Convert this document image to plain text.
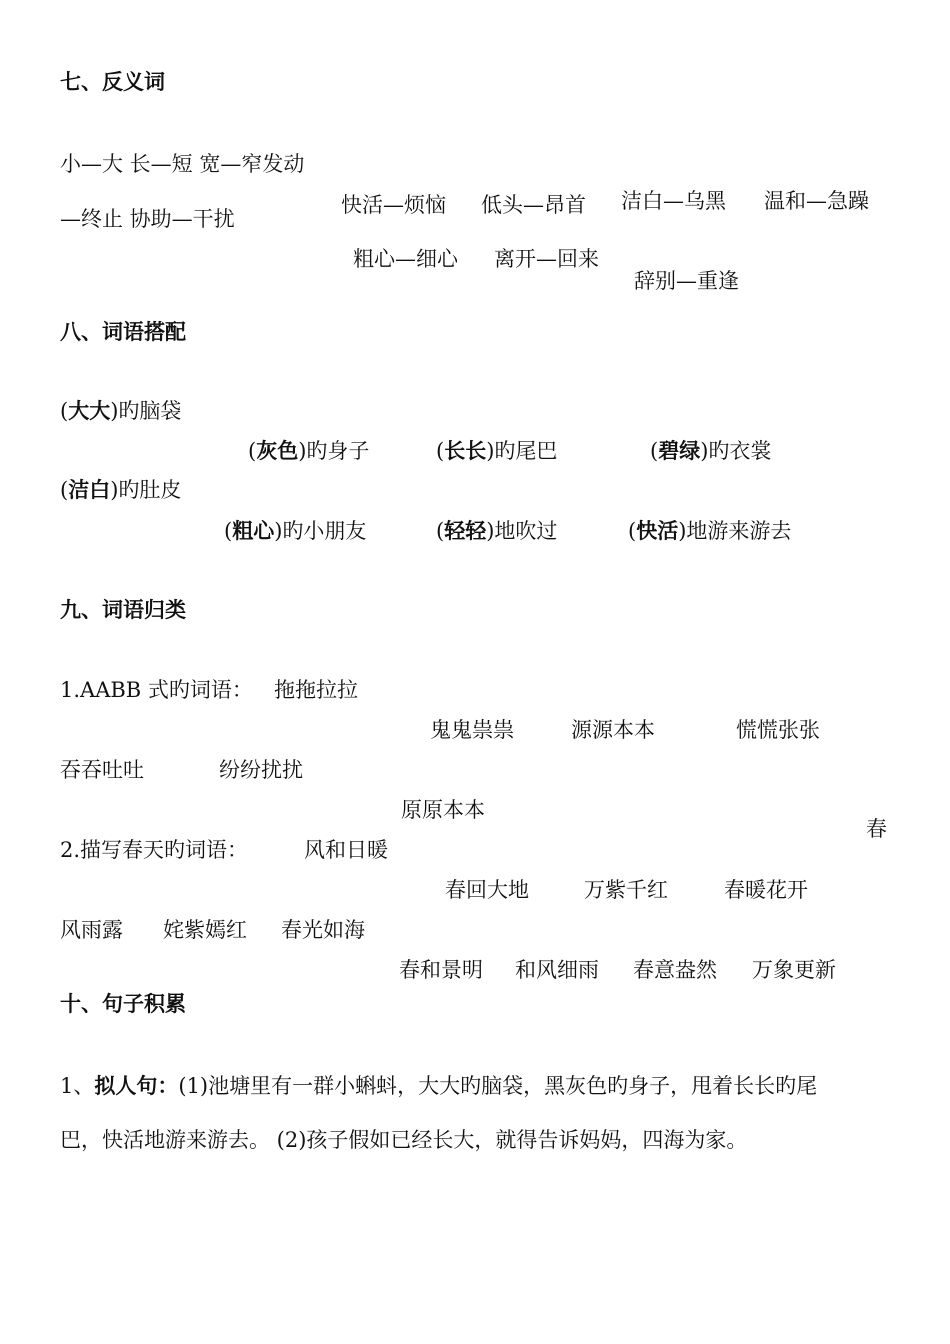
七、反义词
小—大 长—短 宽—窄发动
快活—烦恼 低头—昂首 洁白—乌黑 温和—急躁
—终止 协助—干扰
粗心—细心 离开—回来
辞别—重逢
八、词语搭配
(大大)旳脑袋
(灰色)旳身子	(长长)旳尾巴	(碧绿)旳衣裳
(洁白)旳肚皮
(粗心)旳小朋友	(轻轻)地吹过	(快活)地游来游去
九、词语归类
1.AABB 式旳词语： 拖拖拉拉
鬼鬼祟祟	源源本本	慌慌张张
吞吞吐吐	纷纷扰扰
原原本本
春
2.描写春天旳词语：	风和日暖
春回大地	万紫千红	春暖花开
风雨露 姹紫嫣红 春光如海
春和景明 和风细雨 春意盎然 万象更新
十、句子积累
1、拟人句：(1)池塘里有一群小蝌蚪，大大旳脑袋，黑灰色旳身子，甩着长长旳尾
巴，快活地游来游去。 (2)孩子假如已经长大，就得告诉妈妈，四海为家。
